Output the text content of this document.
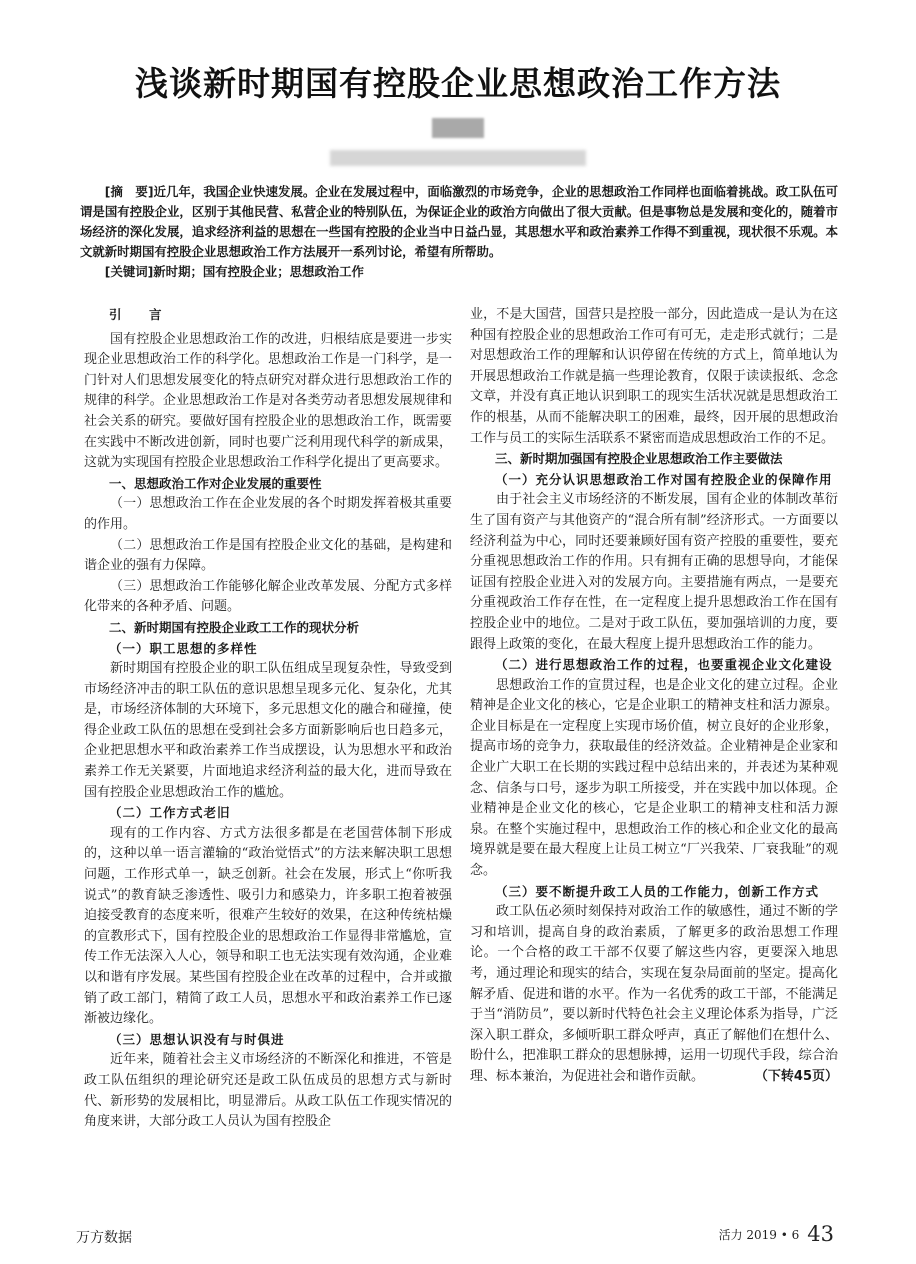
浅谈新时期国有控股企业思想政治工作方法

[摘　要]近几年，我国企业快速发展。企业在发展过程中，面临激烈的市场竞争，企业的思想政治工作同样也面临着挑战。政工队伍可谓是国有控股企业，区别于其他民营、私营企业的特别队伍，为保证企业的政治方向做出了很大贡献。但是事物总是发展和变化的，随着市场经济的深化发展，追求经济利益的思想在一些国有控股的企业当中日益凸显，其思想水平和政治素养工作得不到重视，现状很不乐观。本文就新时期国有控股企业思想政治工作方法展开一系列讨论，希望有所帮助。

[关键词]新时期；国有控股企业；思想政治工作

引　言

国有控股企业思想政治工作的改进，归根结底是要进一步实现企业思想政治工作的科学化。思想政治工作是一门科学，是一门针对人们思想发展变化的特点研究对群众进行思想政治工作的规律的科学。企业思想政治工作是对各类劳动者思想发展规律和社会关系的研究。要做好国有控股企业的思想政治工作，既需要在实践中不断改进创新，同时也要广泛利用现代科学的新成果，这就为实现国有控股企业思想政治工作科学化提出了更高要求。

一、思想政治工作对企业发展的重要性

（一）思想政治工作在企业发展的各个时期发挥着极其重要的作用。

（二）思想政治工作是国有控股企业文化的基础，是构建和谐企业的强有力保障。

（三）思想政治工作能够化解企业改革发展、分配方式多样化带来的各种矛盾、问题。

二、新时期国有控股企业政工工作的现状分析
（一）职工思想的多样性

新时期国有控股企业的职工队伍组成呈现复杂性，导致受到市场经济冲击的职工队伍的意识思想呈现多元化、复杂化，尤其是，市场经济体制的大环境下，多元思想文化的融合和碰撞，使得企业政工队伍的思想在受到社会多方面新影响后也日趋多元，企业把思想水平和政治素养工作当成摆设，认为思想水平和政治素养工作无关紧要，片面地追求经济利益的最大化，进而导致在国有控股企业思想政治工作的尴尬。

（二）工作方式老旧

现有的工作内容、方式方法很多都是在老国营体制下形成的，这种以单一语言灌输的“政治觉悟式”的方法来解决职工思想问题，工作形式单一，缺乏创新。社会在发展，形式上“你听我说式”的教育缺乏渗透性、吸引力和感染力，许多职工抱着被强迫接受教育的态度来听，很难产生较好的效果，在这种传统枯燥的宣教形式下，国有控股企业的思想政治工作显得非常尴尬，宣传工作无法深入人心，领导和职工也无法实现有效沟通，企业难以和谐有序发展。某些国有控股企业在改革的过程中，合并或撤销了政工部门，精简了政工人员，思想水平和政治素养工作已逐渐被边缘化。

（三）思想认识没有与时俱进

近年来，随着社会主义市场经济的不断深化和推进，不管是政工队伍组织的理论研究还是政工队伍成员的思想方式与新时代、新形势的发展相比，明显滞后。从政工队伍工作现实情况的角度来讲，大部分政工人员认为国有控股企

业，不是大国营，国营只是控股一部分，因此造成一是认为在这种国有控股企业的思想政治工作可有可无，走走形式就行；二是对思想政治工作的理解和认识停留在传统的方式上，简单地认为开展思想政治工作就是搞一些理论教育，仅限于读读报纸、念念文章，并没有真正地认识到职工的现实生活状况就是思想政治工作的根基，从而不能解决职工的困难，最终，因开展的思想政治工作与员工的实际生活联系不紧密而造成思想政治工作的不足。

三、新时期加强国有控股企业思想政治工作主要做法
（一）充分认识思想政治工作对国有控股企业的保障作用

由于社会主义市场经济的不断发展，国有企业的体制改革衍生了国有资产与其他资产的“混合所有制”经济形式。一方面要以经济利益为中心，同时还要兼顾好国有资产控股的重要性，要充分重视思想政治工作的作用。只有拥有正确的思想导向，才能保证国有控股企业进入对的发展方向。主要措施有两点，一是要充分重视政治工作存在性，在一定程度上提升思想政治工作在国有控股企业中的地位。二是对于政工队伍，要加强培训的力度，要跟得上政策的变化，在最大程度上提升思想政治工作的能力。

（二）进行思想政治工作的过程，也要重视企业文化建设

思想政治工作的宣贯过程，也是企业文化的建立过程。企业精神是企业文化的核心，它是企业职工的精神支柱和活力源泉。企业目标是在一定程度上实现市场价值，树立良好的企业形象，提高市场的竞争力，获取最佳的经济效益。企业精神是企业家和企业广大职工在长期的实践过程中总结出来的，并表述为某种观念、信条与口号，逐步为职工所接受，并在实践中加以体现。企业精神是企业文化的核心，它是企业职工的精神支柱和活力源泉。在整个实施过程中，思想政治工作的核心和企业文化的最高境界就是要在最大程度上让员工树立“厂兴我荣、厂衰我耻”的观念。

（三）要不断提升政工人员的工作能力，创新工作方式

政工队伍必须时刻保持对政治工作的敏感性，通过不断的学习和培训，提高自身的政治素质，了解更多的政治思想工作理论。一个合格的政工干部不仅要了解这些内容，更要深入地思考，通过理论和现实的结合，实现在复杂局面前的坚定。提高化解矛盾、促进和谐的水平。作为一名优秀的政工干部，不能满足于当“消防员”，要以新时代特色社会主义理论体系为指导，广泛深入职工群众，多倾听职工群众呼声，真正了解他们在想什么、盼什么，把准职工群众的思想脉搏，运用一切现代手段，综合治理、标本兼治，为促进社会和谐作贡献。	（下转45页）

万方数据	活力 2019 • 6 43
